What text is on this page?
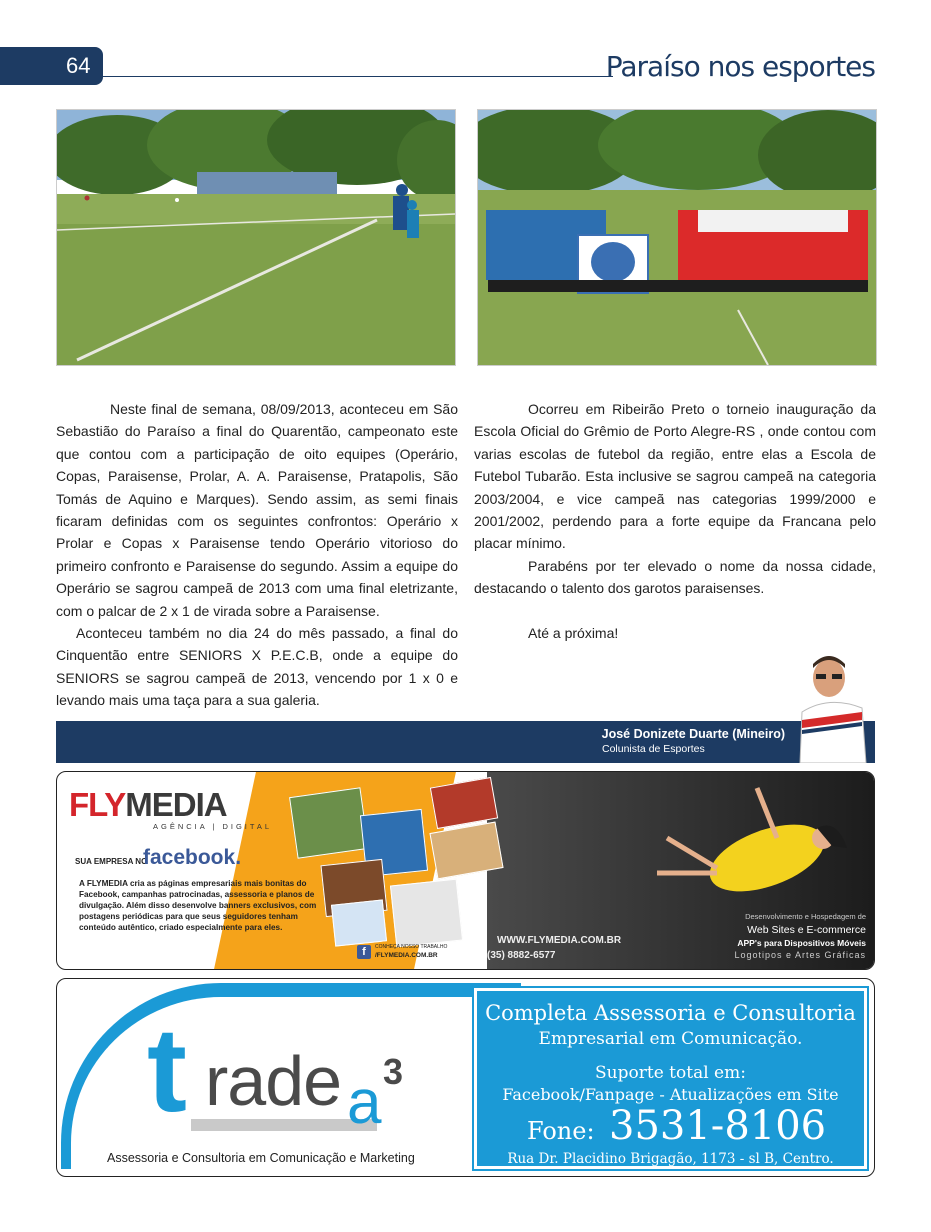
64	Paraíso nos esportes

Neste final de semana, 08/09/2013, aconteceu em São Sebastião do Paraíso a final do Quarentão, campeonato este que contou com a participação de oito equipes (Operário, Copas, Paraisense, Prolar, A. A. Paraisense, Pratapolis, São Tomás de Aquino e Marques). Sendo assim, as semi finais ficaram definidas com os seguintes confrontos: Operário x Prolar e Copas x Paraisense tendo Operário vitorioso do primeiro confronto e Paraisense do segundo. Assim a equipe do Operário se sagrou campeã de 2013 com uma final eletrizante, com o palcar de 2 x 1 de virada sobre a Paraisense.

Aconteceu também no dia 24 do mês passado, a final do Cinquentão entre SENIORS X P.E.C.B, onde a equipe do SENIORS se sagrou campeã de 2013, vencendo por 1 x 0 e levando mais uma taça para a sua galeria.

Ocorreu em Ribeirão Preto o torneio inauguração da Escola Oficial do Grêmio de Porto Alegre-RS , onde contou com varias escolas de futebol da região, entre elas a Escola de Futebol Tubarão. Esta inclusive se sagrou campeã na categoria 2003/2004, e vice campeã nas categorias 1999/2000 e 2001/2002, perdendo para a forte equipe da Francana pelo placar mínimo.

Parabéns por ter elevado o nome da nossa cidade, destacando o talento dos garotos paraisenses.

Até a próxima!

José Donizete Duarte (Mineiro)
Colunista de Esportes
FLYMEDIA
AGÊNCIA | DIGITAL
SUA EMPRESA NO
facebook.
A FLYMEDIA cria as páginas empresariais mais bonitas do Facebook, campanhas patrocinadas, assessoria e planos de divulgação. Além disso desenvolve banners exclusivos, com postagens periódicas para que seus seguidores tenham conteúdo autêntico, criado especialmente para eles.
f	CONHEÇA NOSSO TRABALHO
/FLYMEDIA.COM.BR
WWW.FLYMEDIA.COM.BR
(35) 8882-6577
Desenvolvimento e Hospedagem de
Web Sites e E-commerce
APP's para Dispositivos Móveis
Logotipos e Artes Gráficas
t rade a 3
Assessoria e Consultoria em Comunicação e Marketing
Completa Assessoria e Consultoria
Empresarial em Comunicação.
Suporte total em:
Facebook/Fanpage - Atualizações em Site
Fone: 3531-8106
Rua Dr. Placidino Brigagão, 1173 - sl B, Centro.
